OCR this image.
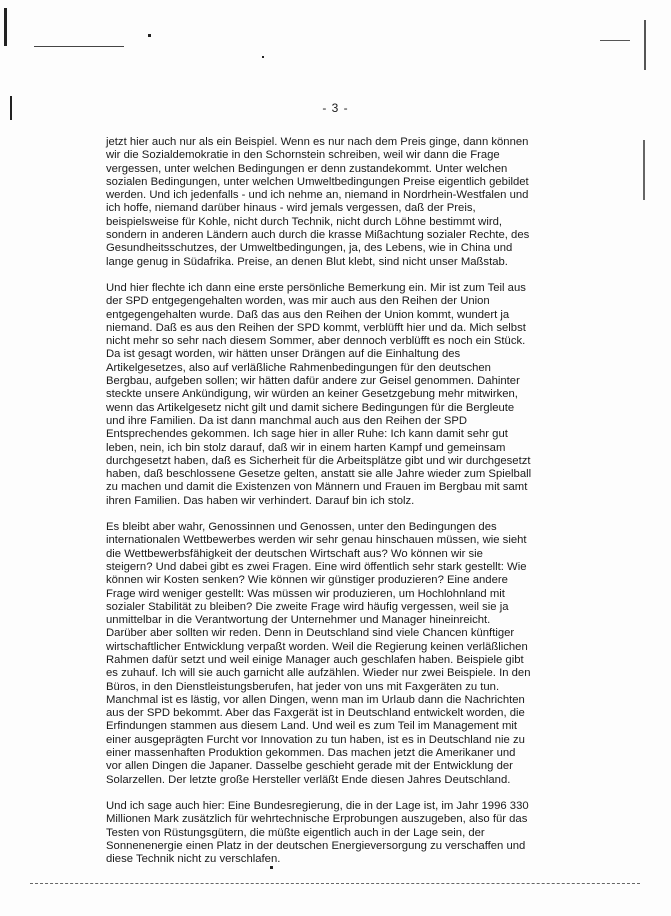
- 3 -

jetzt hier auch nur als ein Beispiel. Wenn es nur nach dem Preis ginge, dann können wir die Sozialdemokratie in den Schornstein schreiben, weil wir dann die Frage vergessen, unter welchen Bedingungen er denn zustandekommt. Unter welchen sozialen Bedingungen, unter welchen Umweltbedingungen Preise eigentlich gebildet werden. Und ich jedenfalls - und ich nehme an, niemand in Nordrhein-Westfalen und ich hoffe, niemand darüber hinaus - wird jemals vergessen, daß der Preis, beispielsweise für Kohle, nicht durch Technik, nicht durch Löhne bestimmt wird, sondern in anderen Ländern auch durch die krasse Mißachtung sozialer Rechte, des Gesundheitsschutzes, der Umweltbedingungen, ja, des Lebens, wie in China und lange genug in Südafrika. Preise, an denen Blut klebt, sind nicht unser Maßstab.

Und hier flechte ich dann eine erste persönliche Bemerkung ein. Mir ist zum Teil aus der SPD entgegengehalten worden, was mir auch aus den Reihen der Union entgegengehalten wurde. Daß das aus den Reihen der Union kommt, wundert ja niemand. Daß es aus den Reihen der SPD kommt, verblüfft hier und da. Mich selbst nicht mehr so sehr nach diesem Sommer, aber dennoch verblüfft es noch ein Stück. Da ist gesagt worden, wir hätten unser Drängen auf die Einhaltung des Artikelgesetzes, also auf verläßliche Rahmenbedingungen für den deutschen Bergbau, aufgeben sollen; wir hätten dafür andere zur Geisel genommen. Dahinter steckte unsere Ankündigung, wir würden an keiner Gesetzgebung mehr mitwirken, wenn das Artikelgesetz nicht gilt und damit sichere Bedingungen für die Bergleute und ihre Familien. Da ist dann manchmal auch aus den Reihen der SPD Entsprechendes gekommen. Ich sage hier in aller Ruhe: Ich kann damit sehr gut leben, nein, ich bin stolz darauf, daß wir in einem harten Kampf und gemeinsam durchgesetzt haben, daß es Sicherheit für die Arbeitsplätze gibt und wir durchgesetzt haben, daß beschlossene Gesetze gelten, anstatt sie alle Jahre wieder zum Spielball zu machen und damit die Existenzen von Männern und Frauen im Bergbau mit samt ihren Familien. Das haben wir verhindert. Darauf bin ich stolz.

Es bleibt aber wahr, Genossinnen und Genossen, unter den Bedingungen des internationalen Wettbewerbes werden wir sehr genau hinschauen müssen, wie sieht die Wettbewerbsfähigkeit der deutschen Wirtschaft aus? Wo können wir sie steigern? Und dabei gibt es zwei Fragen. Eine wird öffentlich sehr stark gestellt: Wie können wir Kosten senken? Wie können wir günstiger produzieren? Eine andere Frage wird weniger gestellt: Was müssen wir produzieren, um Hochlohnland mit sozialer Stabilität zu bleiben? Die zweite Frage wird häufig vergessen, weil sie ja unmittelbar in die Verantwortung der Unternehmer und Manager hineinreicht. Darüber aber sollten wir reden. Denn in Deutschland sind viele Chancen künftiger wirtschaftlicher Entwicklung verpaßt worden. Weil die Regierung keinen verläßlichen Rahmen dafür setzt und weil einige Manager auch geschlafen haben. Beispiele gibt es zuhauf. Ich will sie auch garnicht alle aufzählen. Wieder nur zwei Beispiele. In den Büros, in den Dienstleistungsberufen, hat jeder von uns mit Faxgeräten zu tun. Manchmal ist es lästig, vor allen Dingen, wenn man im Urlaub dann die Nachrichten aus der SPD bekommt. Aber das Faxgerät ist in Deutschland entwickelt worden, die Erfindungen stammen aus diesem Land. Und weil es zum Teil im Management mit einer ausgeprägten Furcht vor Innovation zu tun haben, ist es in Deutschland nie zu einer massenhaften Produktion gekommen. Das machen jetzt die Amerikaner und vor allen Dingen die Japaner. Dasselbe geschieht gerade mit der Entwicklung der Solarzellen. Der letzte große Hersteller verläßt Ende diesen Jahres Deutschland.

Und ich sage auch hier: Eine Bundesregierung, die in der Lage ist, im Jahr 1996 330 Millionen Mark zusätzlich für wehrtechnische Erprobungen auszugeben, also für das Testen von Rüstungsgütern, die müßte eigentlich auch in der Lage sein, der Sonnenenergie einen Platz in der deutschen Energieversorgung zu verschaffen und diese Technik nicht zu verschlafen.
